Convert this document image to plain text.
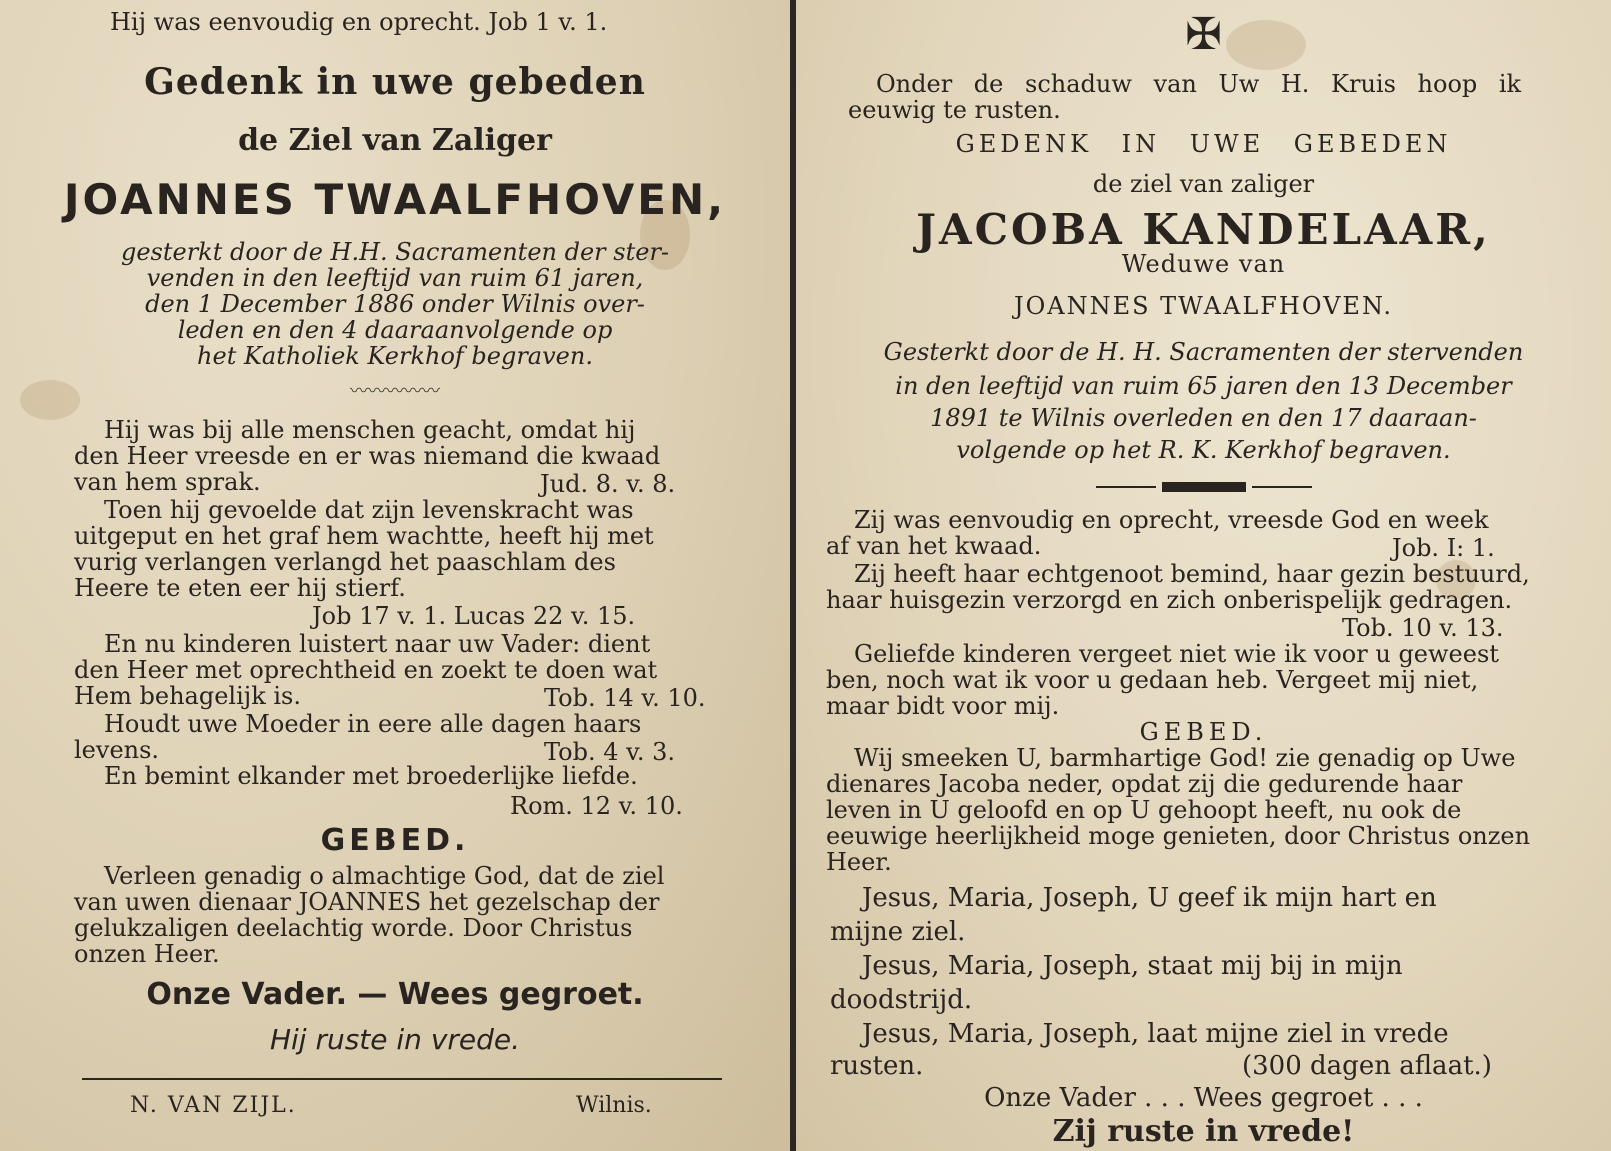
Hij was eenvoudig en oprecht. Job 1 v. 1.
Gedenk in uwe gebeden
de Ziel van Zaliger
JOANNES TWAALFHOVEN,
gesterkt door de H.H. Sacramenten der ster-
venden in den leeftijd van ruim 61 jaren,
den 1 December 1886 onder Wilnis over-
leden en den 4 daaraanvolgende op
het Katholiek Kerkhof begraven.
〰〰〰〰〰
Hij was bij alle menschen geacht, omdat hij
den Heer vreesde en er was niemand die kwaad
van hem sprak.	Jud. 8. v. 8.
Toen hij gevoelde dat zijn levenskracht was
uitgeput en het graf hem wachtte, heeft hij met
vurig verlangen verlangd het paaschlam des
Heere te eten eer hij stierf.
Job 17 v. 1. Lucas 22 v. 15.
En nu kinderen luistert naar uw Vader: dient
den Heer met oprechtheid en zoekt te doen wat
Hem behagelijk is.	Tob. 14 v. 10.
Houdt uwe Moeder in eere alle dagen haars
levens.	Tob. 4 v. 3.
En bemint elkander met broederlijke liefde.
Rom. 12 v. 10.
GEBED.
Verleen genadig o almachtige God, dat de ziel
van uwen dienaar JOANNES het gezelschap der
gelukzaligen deelachtig worde. Door Christus
onzen Heer.
Onze Vader. — Wees gegroet.
Hij ruste in vrede.
N. VAN ZIJL.	Wilnis.
✠
Onder de schaduw van Uw H. Kruis hoop ik
eeuwig te rusten.
GEDENK IN UWE GEBEDEN
de ziel van zaliger
JACOBA KANDELAAR,
Weduwe van
JOANNES TWAALFHOVEN.
Gesterkt door de H. H. Sacramenten der stervenden
in den leeftijd van ruim 65 jaren den 13 December
1891 te Wilnis overleden en den 17 daaraan-
volgende op het R. K. Kerkhof begraven.
Zij was eenvoudig en oprecht, vreesde God en week
af van het kwaad.	Job. I: 1.
Zij heeft haar echtgenoot bemind, haar gezin bestuurd,
haar huisgezin verzorgd en zich onberispelijk gedragen.
Tob. 10 v. 13.
Geliefde kinderen vergeet niet wie ik voor u geweest
ben, noch wat ik voor u gedaan heb. Vergeet mij niet,
maar bidt voor mij.
GEBED.
Wij smeeken U, barmhartige God! zie genadig op Uwe
dienares Jacoba neder, opdat zij die gedurende haar
leven in U geloofd en op U gehoopt heeft, nu ook de
eeuwige heerlijkheid moge genieten, door Christus onzen
Heer.
Jesus, Maria, Joseph, U geef ik mijn hart en
mijne ziel.
Jesus, Maria, Joseph, staat mij bij in mijn
doodstrijd.
Jesus, Maria, Joseph, laat mijne ziel in vrede
rusten.	(300 dagen aflaat.)
Onze Vader . . . Wees gegroet . . .
Zij ruste in vrede!
